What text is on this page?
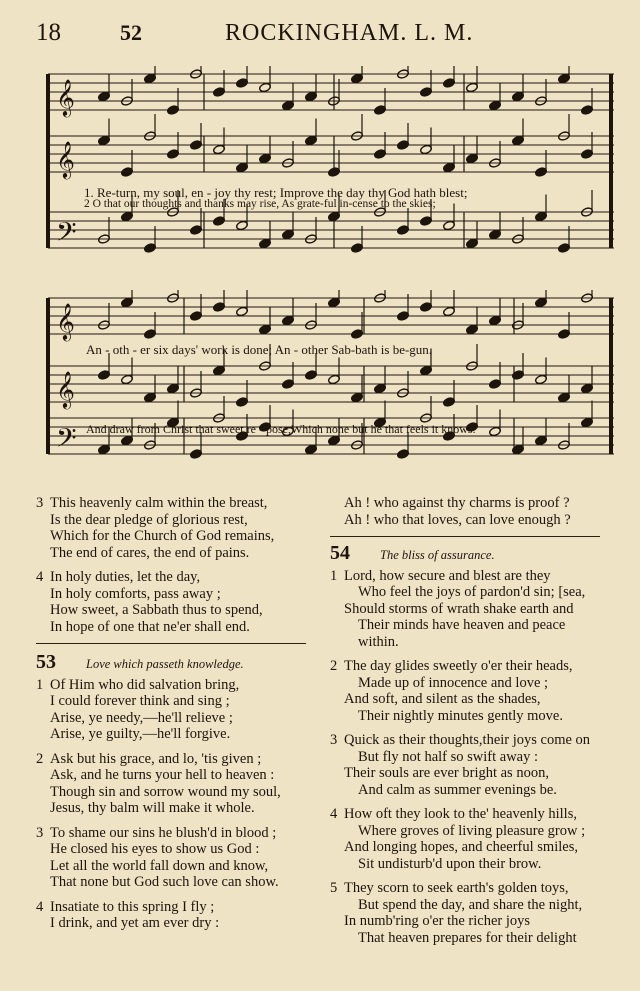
18	52	ROCKINGHAM. L. M.
𝄞
𝄞
𝄢
1. Re-turn, my soul, en - joy thy rest; Improve the day thy God hath blest;
2 O that our thoughts and thanks may rise, As grate-ful in-cense to the skies;
𝄞
𝄞
𝄢
An - oth - er six days' work is done; An - other Sab-bath is be-gun.
And draw from Christ that sweet re - pose,Which none but he that feels it knows.
3 This heavenly calm within the breast,
Is the dear pledge of glorious rest,
Which for the Church of God remains,
The end of cares, the end of pains.
4 In holy duties, let the day,
In holy comforts, pass away ;
How sweet, a Sabbath thus to spend,
In hope of one that ne'er shall end.
53 Love which passeth knowledge.
1 Of Him who did salvation bring,
I could forever think and sing ;
Arise, ye needy,—he'll relieve ;
Arise, ye guilty,—he'll forgive.
2 Ask but his grace, and lo, 'tis given ;
Ask, and he turns your hell to heaven :
Though sin and sorrow wound my soul,
Jesus, thy balm will make it whole.
3 To shame our sins he blush'd in blood ;
He closed his eyes to show us God :
Let all the world fall down and know,
That none but God such love can show.
4 Insatiate to this spring I fly ;
I drink, and yet am ever dry :
Ah ! who against thy charms is proof ?
Ah ! who that loves, can love enough ?
54 The bliss of assurance.
1 Lord, how secure and blest are they
Who feel the joys of pardon'd sin; [sea,
Should storms of wrath shake earth and
Their minds have heaven and peace
within.
2 The day glides sweetly o'er their heads,
Made up of innocence and love ;
And soft, and silent as the shades,
Their nightly minutes gently move.
3 Quick as their thoughts,their joys come on
But fly not half so swift away :
Their souls are ever bright as noon,
And calm as summer evenings be.
4 How oft they look to the' heavenly hills,
Where groves of living pleasure grow ;
And longing hopes, and cheerful smiles,
Sit undisturb'd upon their brow.
5 They scorn to seek earth's golden toys,
But spend the day, and share the night,
In numb'ring o'er the richer joys
That heaven prepares for their delight
